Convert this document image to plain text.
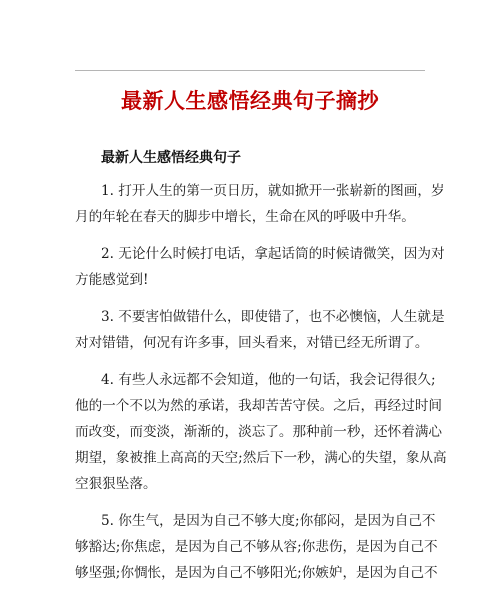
最新人生感悟经典句子摘抄
最新人生感悟经典句子
1. 打开人生的第一页日历，就如掀开一张崭新的图画，岁
月的年轮在春天的脚步中增长，生命在风的呼吸中升华。
2. 无论什么时候打电话，拿起话筒的时候请微笑，因为对
方能感觉到!
3. 不要害怕做错什么，即使错了，也不必懊恼，人生就是
对对错错，何况有许多事，回头看来，对错已经无所谓了。
4. 有些人永远都不会知道，他的一句话，我会记得很久;
他的一个不以为然的承诺，我却苦苦守侯。之后，再经过时间
而改变，而变淡，渐渐的，淡忘了。那种前一秒，还怀着满心
期望，象被推上高高的天空;然后下一秒，满心的失望，象从高
空狠狠坠落。
5. 你生气，是因为自己不够大度;你郁闷，是因为自己不
够豁达;你焦虑，是因为自己不够从容;你悲伤，是因为自己不
够坚强;你惆怅，是因为自己不够阳光;你嫉妒，是因为自己不
